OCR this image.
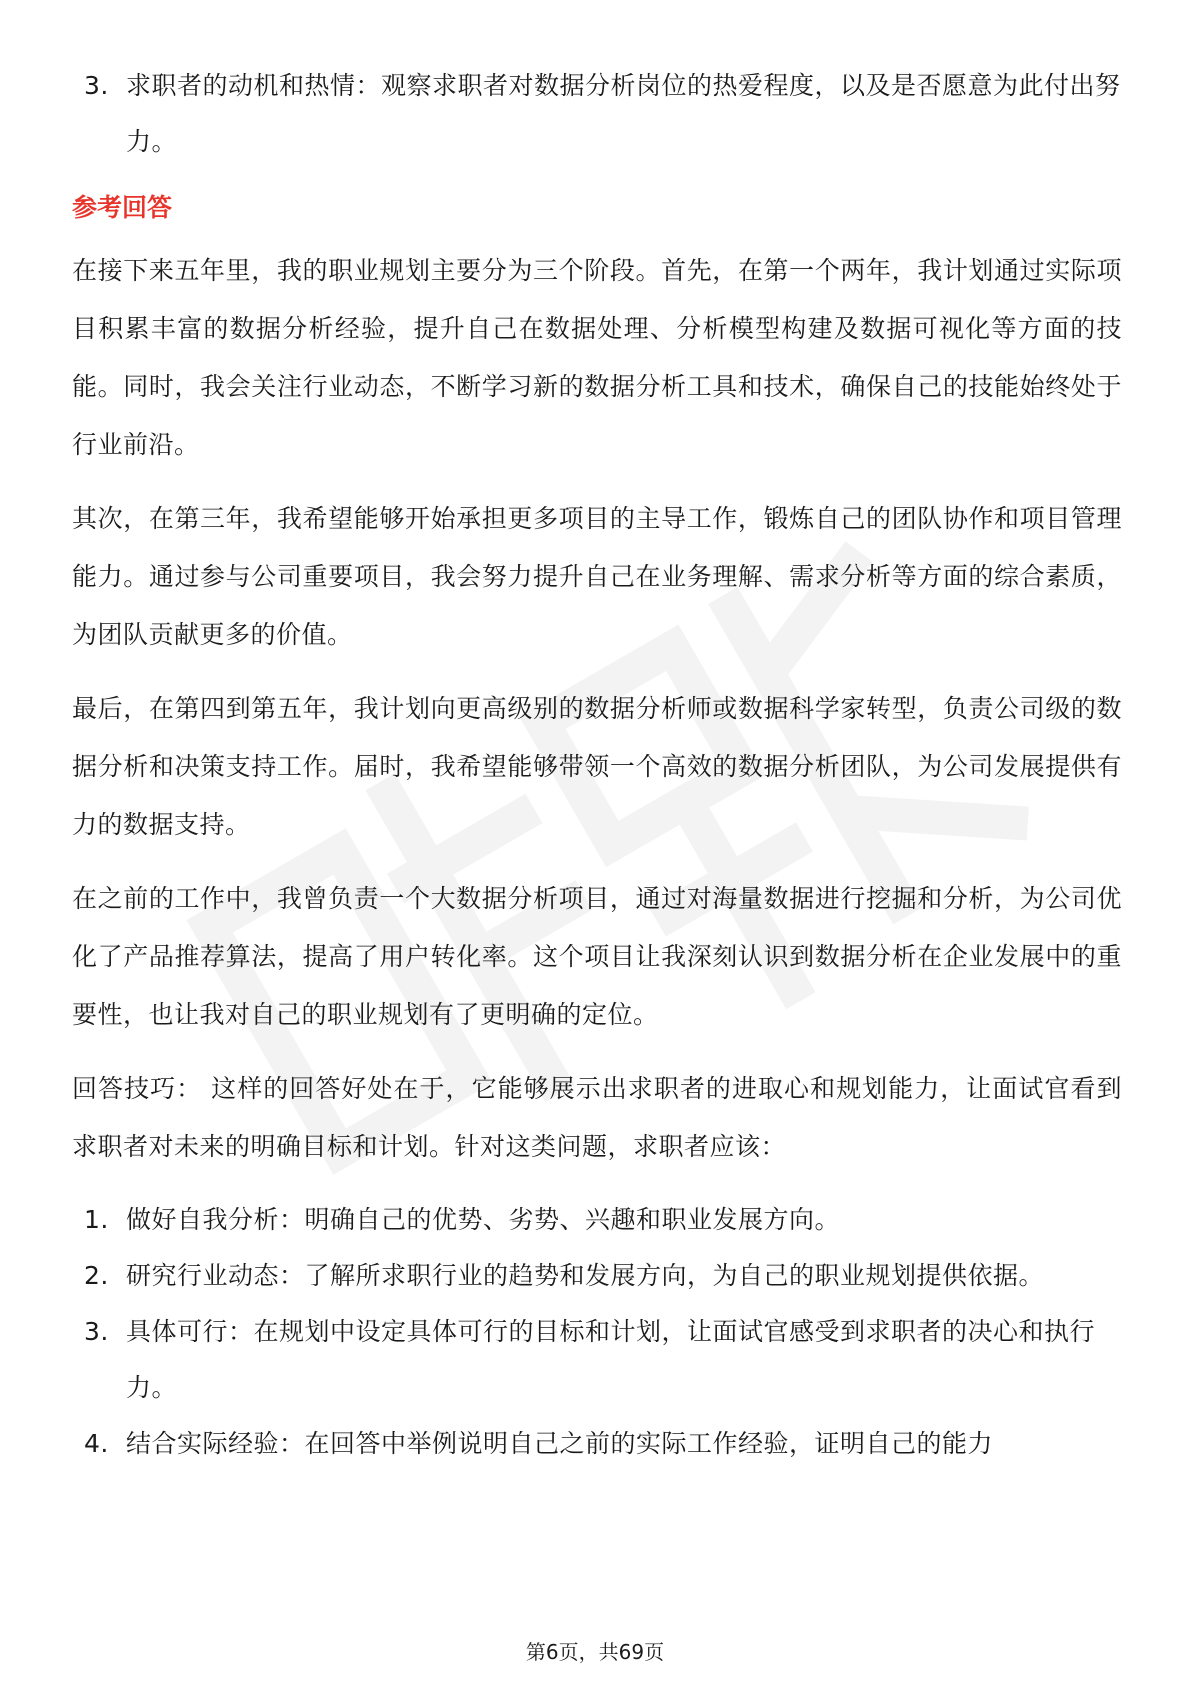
3. 求职者的动机和热情：观察求职者对数据分析岗位的热爱程度，以及是否愿意为此付出努力。
参考回答

在接下来五年里，我的职业规划主要分为三个阶段。首先，在第一个两年，我计划通过实际项目积累丰富的数据分析经验，提升自己在数据处理、分析模型构建及数据可视化等方面的技能。同时，我会关注行业动态，不断学习新的数据分析工具和技术，确保自己的技能始终处于行业前沿。

其次，在第三年，我希望能够开始承担更多项目的主导工作，锻炼自己的团队协作和项目管理能力。通过参与公司重要项目，我会努力提升自己在业务理解、需求分析等方面的综合素质，为团队贡献更多的价值。

最后，在第四到第五年，我计划向更高级别的数据分析师或数据科学家转型，负责公司级的数据分析和决策支持工作。届时，我希望能够带领一个高效的数据分析团队，为公司发展提供有力的数据支持。

在之前的工作中，我曾负责一个大数据分析项目，通过对海量数据进行挖掘和分析，为公司优化了产品推荐算法，提高了用户转化率。这个项目让我深刻认识到数据分析在企业发展中的重要性，也让我对自己的职业规划有了更明确的定位。

回答技巧： 这样的回答好处在于，它能够展示出求职者的进取心和规划能力，让面试官看到求职者对未来的明确目标和计划。针对这类问题，求职者应该：

1. 做好自我分析：明确自己的优势、劣势、兴趣和职业发展方向。
2. 研究行业动态：了解所求职行业的趋势和发展方向，为自己的职业规划提供依据。
3. 具体可行：在规划中设定具体可行的目标和计划，让面试官感受到求职者的决心和执行力。
4. 结合实际经验：在回答中举例说明自己之前的实际工作经验，证明自己的能力
第6页，共69页
